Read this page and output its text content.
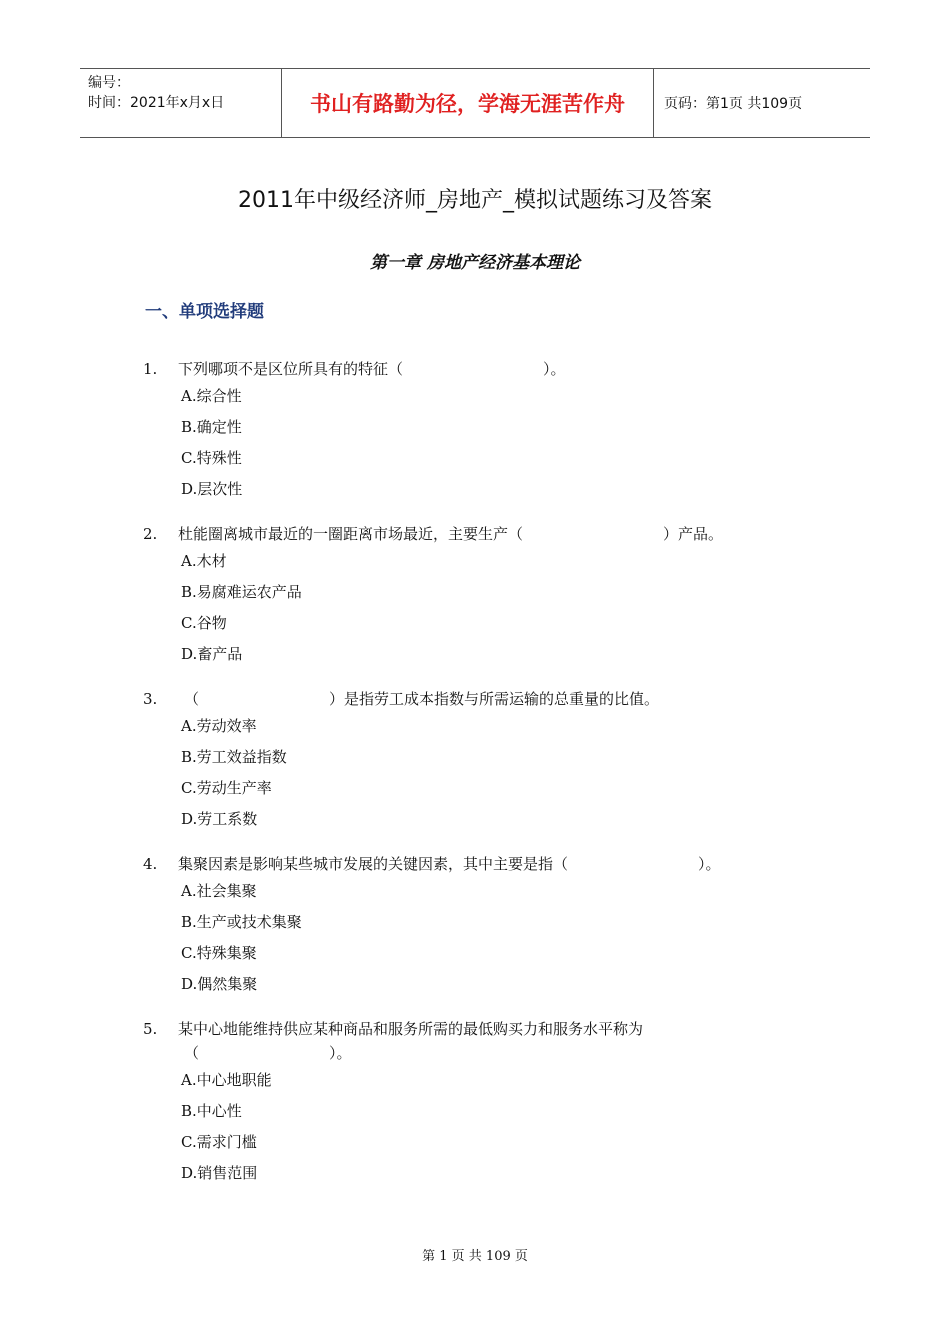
编号：
时间：2021年x月x日	书山有路勤为径，学海无涯苦作舟	页码：第1页 共109页
2011年中级经济师_房地产_模拟试题练习及答案
第一章 房地产经济基本理论
一、单项选择题
1.	下列哪项不是区位所具有的特征（	）。
A.综合性
B.确定性
C.特殊性
D.层次性
2.	杜能圈离城市最近的一圈距离市场最近，主要生产（	）产品。
A.木材
B.易腐难运农产品
C.谷物
D.畜产品
3.	（	）是指劳工成本指数与所需运输的总重量的比值。
A.劳动效率
B.劳工效益指数
C.劳动生产率
D.劳工系数
4.	集聚因素是影响某些城市发展的关键因素，其中主要是指（	）。
A.社会集聚
B.生产或技术集聚
C.特殊集聚
D.偶然集聚
5.	某中心地能维持供应某种商品和服务所需的最低购买力和服务水平称为
（	）。
A.中心地职能
B.中心性
C.需求门槛
D.销售范围
第 1 页 共 109 页
